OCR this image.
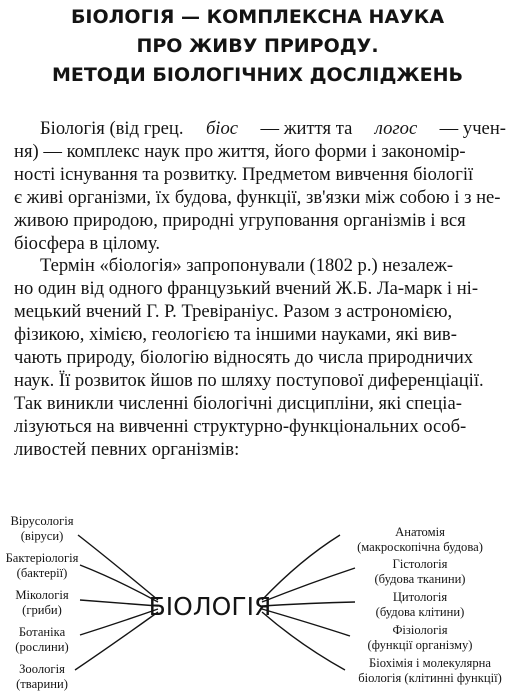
БІОЛОГІЯ — КОМПЛЕКСНА НАУКА
ПРО ЖИВУ ПРИРОДУ.
МЕТОДИ БІОЛОГІЧНИХ ДОСЛІДЖЕНЬ
Біологія (від грец. біос — життя та логос — учен-
ня) — комплекс наук про життя, його форми і закономір-
ності існування та розвитку. Предметом вивчення біології
є живі організми, їх будова, функції, зв'язки між собою і з не-
живою природою, природні угруповання організмів і вся
біосфера в цілому.
Термін «біологія» запропонували (1802 р.) незалеж-
но один від одного французький вчений Ж.Б. Ла-марк і ні-
мецький вчений Г. Р. Тревіраніус. Разом з астрономією,
фізикою, хімією, геологією та іншими науками, які вив-
чають природу, біологію відносять до числа природничих
наук. Її розвиток йшов по шляху поступової диференціації.
Так виникли численні біологічні дисципліни, які спеціа-
лізуються на вивченні структурно-функціональних особ-
ливостей певних організмів:
БІОЛОГІЯ
Вірусологія
(віруси)
Бактеріологія
(бактерії)
Мікологія
(гриби)
Ботаніка
(рослини)
Зоологія
(тварини)
Анатомія
(макроскопічна будова)
Гістологія
(будова тканини)
Цитологія
(будова клітини)
Фізіологія
(функції організму)
Біохімія і молекулярна
біологія (клітинні функції)
